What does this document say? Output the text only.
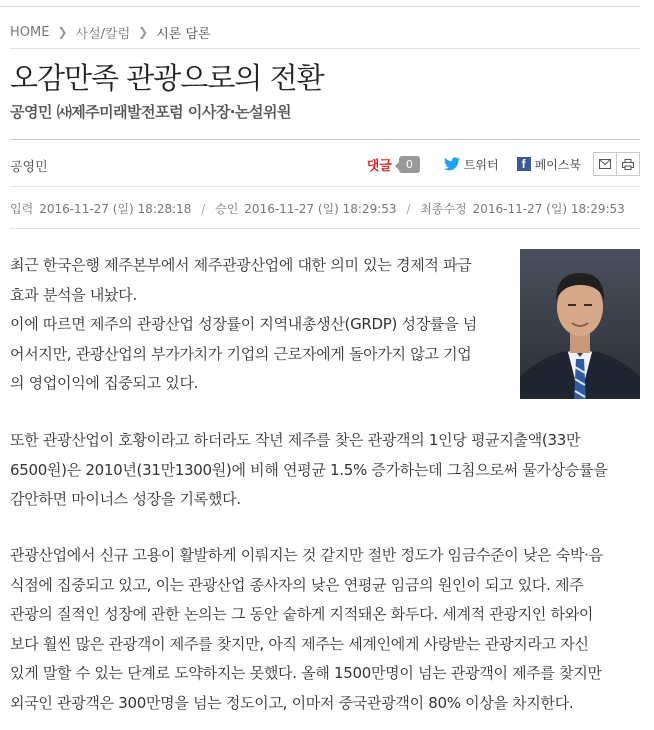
HOME ❯ 사설/칼럼 ❯ 시론 담론
오감만족 관광으로의 전환
공영민 ㈔제주미래발전포럼 이사장·논설위원
공영민	댓글	0	트위터	f 페이스북
입력 2016-11-27 (일) 18:28:18 / 승인 2016-11-27 (일) 18:29:53 / 최종수정 2016-11-27 (일) 18:29:53
최근 한국은행 제주본부에서 제주관광산업에 대한 의미 있는 경제적 파급
효과 분석을 내놨다.
이에 따르면 제주의 관광산업 성장률이 지역내총생산(GRDP) 성장률을 넘
어서지만, 관광산업의 부가가치가 기업의 근로자에게 돌아가지 않고 기업
의 영업이익에 집중되고 있다.
또한 관광산업이 호황이라고 하더라도 작년 제주를 찾은 관광객의 1인당 평균지출액(33만
6500원)은 2010년(31만1300원)에 비해 연평균 1.5% 증가하는데 그침으로써 물가상승률을
감안하면 마이너스 성장을 기록했다.
관광산업에서 신규 고용이 활발하게 이뤄지는 것 같지만 절반 정도가 임금수준이 낮은 숙박·음
식점에 집중되고 있고, 이는 관광산업 종사자의 낮은 연평균 임금의 원인이 되고 있다. 제주
관광의 질적인 성장에 관한 논의는 그 동안 숱하게 지적돼온 화두다. 세계적 관광지인 하와이
보다 훨씬 많은 관광객이 제주를 찾지만, 아직 제주는 세계인에게 사랑받는 관광지라고 자신
있게 말할 수 있는 단계로 도약하지는 못했다. 올해 1500만명이 넘는 관광객이 제주를 찾지만
외국인 관광객은 300만명을 넘는 정도이고, 이마저 중국관광객이 80% 이상을 차지한다.
